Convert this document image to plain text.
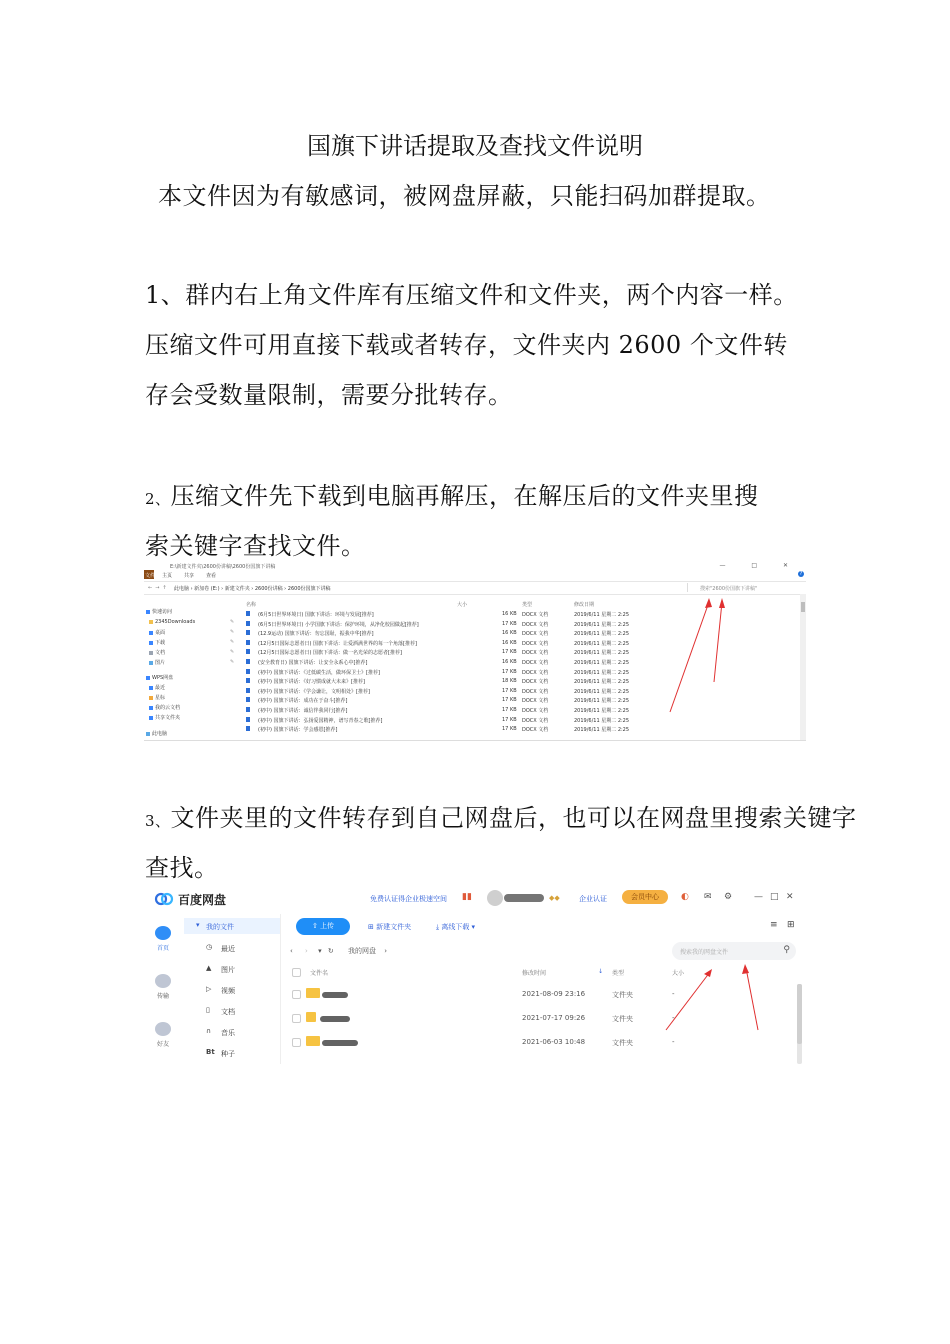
国旗下讲话提取及查找文件说明
本文件因为有敏感词，被网盘屏蔽，只能扫码加群提取。
1、群内右上角文件库有压缩文件和文件夹，两个内容一样。
压缩文件可用直接下载或者转存，文件夹内 2600 个文件转
存会受数量限制，需要分批转存。
2、压缩文件先下载到电脑再解压，在解压后的文件夹里搜
索关键字查找文件。
E:\新建文件夹\2600份讲稿\2600份国旗下讲稿	— □ ✕
文件 主页 共享 查看	?
←→↑ 此电脑 › 新加卷 (E:) › 新建文件夹 › 2600份讲稿 › 2600份国旗下讲稿	搜索"2600份国旗下讲稿"
快速访问
2345Downloads
桌面
下载
文档
图片
WPS网盘
最近
星标
我的云文档
共享文件夹
此电脑
✎
✎
✎
✎
✎
名称	大小	类型	修改日期
(6月5日世界环境日) 国旗下讲话：环境与发展[推荐]	16 KB DOCX 文档	2019/6/11 星期二 2:25
(6月5日世界环境日) 小学国旗下讲话：保护环境，从净化校园做起[推荐]	17 KB DOCX 文档	2019/6/11 星期二 2:25
(12.9运动) 国旗下讲话：勿忘国耻，振我中华[推荐]	16 KB DOCX 文档	2019/6/11 星期二 2:25
(12月5日国际志愿者日) 国旗下讲话：让爱洒满世界的每一个角落[推荐]	16 KB DOCX 文档	2019/6/11 星期二 2:25
(12月5日国际志愿者日) 国旗下讲话：做一名光荣的志愿者[推荐]	17 KB DOCX 文档	2019/6/11 星期二 2:25
(安全教育日) 国旗下讲话：让安全永系心中[推荐]	16 KB DOCX 文档	2019/6/11 星期二 2:25
(初中) 国旗下讲话：《过低碳生活，做环保卫士》[推荐]	17 KB DOCX 文档	2019/6/11 星期二 2:25
(初中) 国旗下讲话：《好习惯成就大未来》[推荐]	18 KB DOCX 文档	2019/6/11 星期二 2:25
(初中) 国旗下讲话：《学会谦让，文明相处》[推荐]	17 KB DOCX 文档	2019/6/11 星期二 2:25
(初中) 国旗下讲话：成功在于奋斗[推荐]	17 KB DOCX 文档	2019/6/11 星期二 2:25
(初中) 国旗下讲话：诚信伴我同行[推荐]	17 KB DOCX 文档	2019/6/11 星期二 2:25
(初中) 国旗下讲话：弘扬爱国精神，谱写青春之歌[推荐]	17 KB DOCX 文档	2019/6/11 星期二 2:25
(初中) 国旗下讲话：学会感恩[推荐]	17 KB DOCX 文档	2019/6/11 星期二 2:25
3、文件夹里的文件转存到自己网盘后，也可以在网盘里搜索关键字
查找。
百度网盘	免费认证得企业极速空间 ▮▮	◆◆	企业认证	会员中心	◐ ✉ ⚙ — □ ✕
首页
传输
好友
▾ 我的文件
◷ 最近
▲ 图片
▷ 视频
▯ 文档
∩ 音乐
Bt 种子
⇧ 上传	⊞ 新建文件夹	⤓ 离线下载 ▾	≡ ⊞
‹ › ▾ ↻ 我的网盘 ›	搜索我的网盘文件	⚲
文件名	修改时间	↓ 类型	大小
2021-08-09 23:16	文件夹	-
2021-07-17 09:26	文件夹	-
2021-06-03 10:48	文件夹	-
